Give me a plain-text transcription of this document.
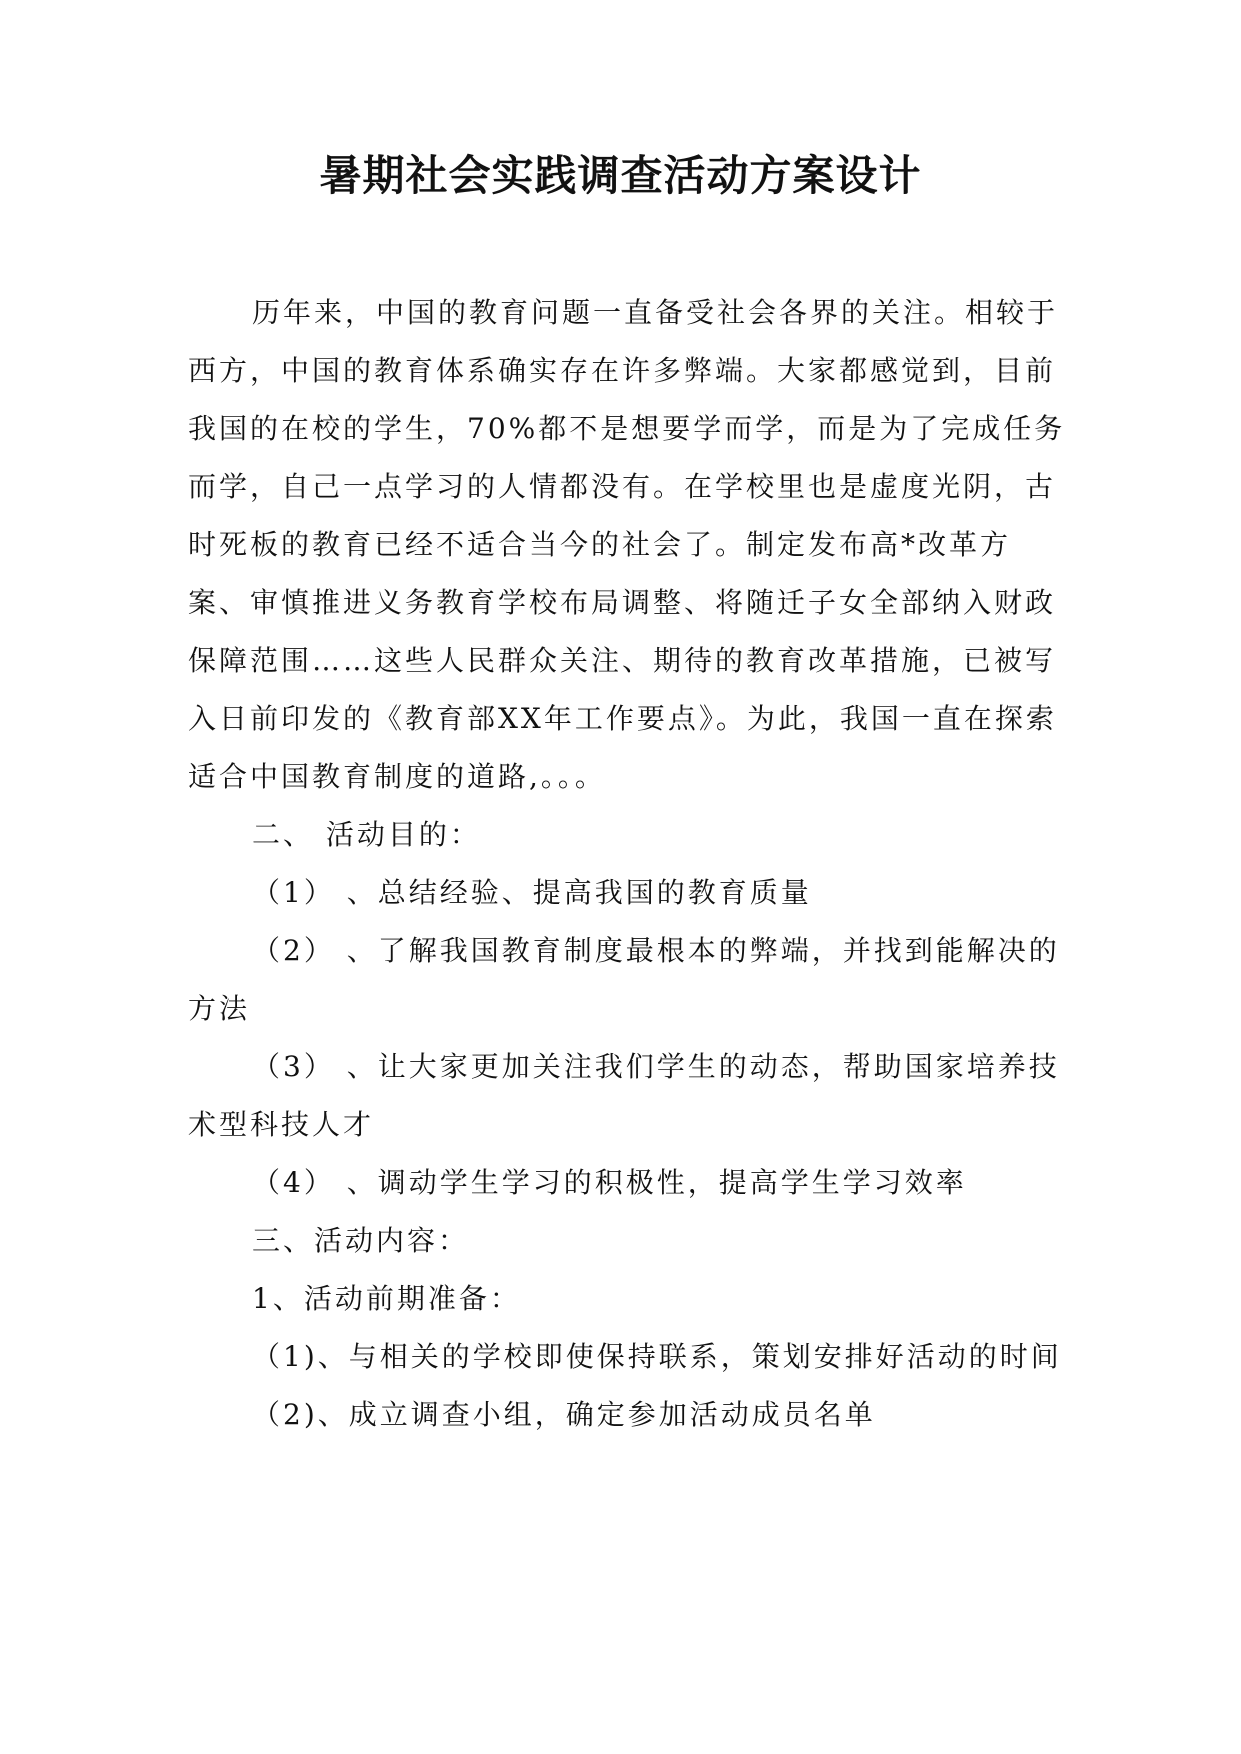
暑期社会实践调查活动方案设计

历年来，中国的教育问题一直备受社会各界的关注。相较于西方，中国的教育体系确实存在许多弊端。大家都感觉到，目前我国的在校的学生，70%都不是想要学而学，而是为了完成任务而学，自己一点学习的人情都没有。在学校里也是虚度光阴，古时死板的教育已经不适合当今的社会了。制定发布高*改革方案、审慎推进义务教育学校布局调整、将随迁子女全部纳入财政保障范围……这些人民群众关注、期待的教育改革措施，已被写入日前印发的《教育部XX年工作要点》。为此，我国一直在探索适合中国教育制度的道路,。。。

二、 活动目的：

（1） 、总结经验、提高我国的教育质量

（2） 、了解我国教育制度最根本的弊端，并找到能解决的方法

（3） 、让大家更加关注我们学生的动态，帮助国家培养技术型科技人才

（4） 、调动学生学习的积极性，提高学生学习效率

三、活动内容：

1、活动前期准备：

（1)、与相关的学校即使保持联系，策划安排好活动的时间

（2)、成立调查小组，确定参加活动成员名单
